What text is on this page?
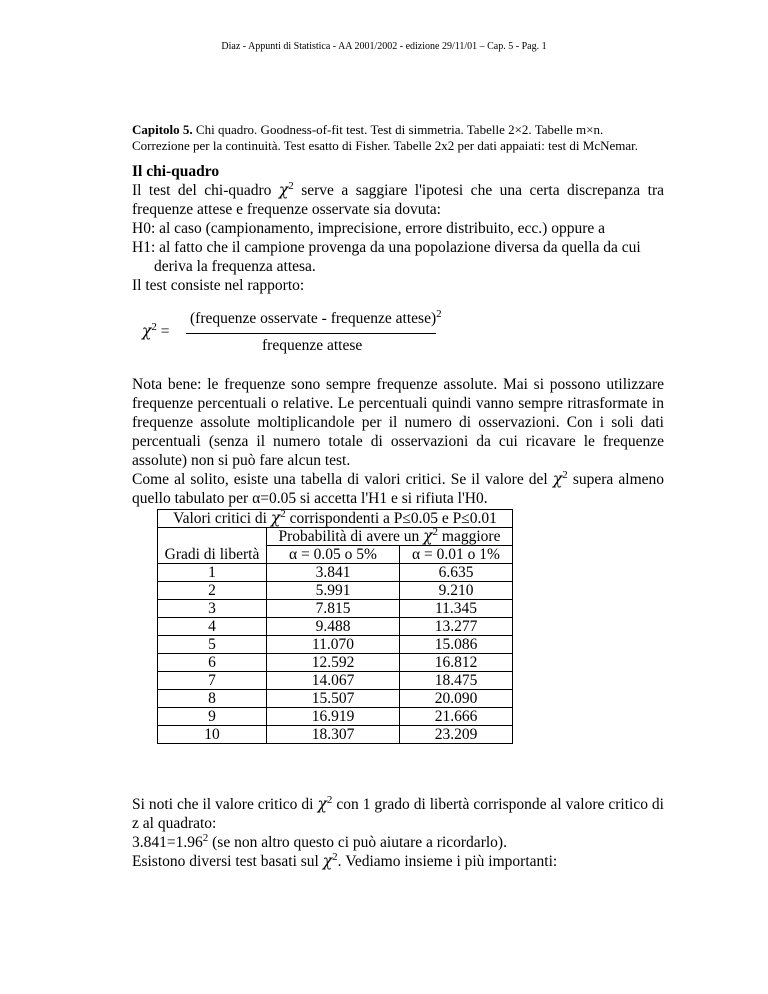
Diaz - Appunti di Statistica - AA 2001/2002 - edizione 29/11/01 – Cap. 5 - Pag. 1
Capitolo 5. Chi quadro. Goodness-of-fit test. Test di simmetria. Tabelle 2×2. Tabelle m×n. Correzione per la continuità. Test esatto di Fisher. Tabelle 2x2 per dati appaiati: test di McNemar.
Il chi-quadro

Il test del chi-quadro $\chi^2$ serve a saggiare l'ipotesi che una certa discrepanza tra frequenze attese e frequenze osservate sia dovuta:

H0: al caso (campionamento, imprecisione, errore distribuito, ecc.) oppure a

H1: al fatto che il campione provenga da una popolazione diversa da quella da cui
deriva la frequenza attesa.

Il test consiste nel rapporto:
$\chi^2$ =
(frequenze osservate - frequenze attese)$^2$
frequenze attese

Nota bene: le frequenze sono sempre frequenze assolute. Mai si possono utilizzare frequenze percentuali o relative. Le percentuali quindi vanno sempre ritrasformate in frequenze assolute moltiplicandole per il numero di osservazioni. Con i soli dati percentuali (senza il numero totale di osservazioni da cui ricavare le frequenze assolute) non si può fare alcun test.

Come al solito, esiste una tabella di valori critici. Se il valore del $\chi^2$ supera almeno quello tabulato per α=0.05 si accetta l'H1 e si rifiuta l'H0.

Valori critici di $\chi^2$ corrispondenti a P≤0.05 e P≤0.01		
	Probabilità di avere un $\chi^2$ maggiore	
Gradi di libertà	α = 0.05 o 5%	α = 0.01 o 1%
1	3.841	6.635
2	5.991	9.210
3	7.815	11.345
4	9.488	13.277
5	11.070	15.086
6	12.592	16.812
7	14.067	18.475
8	15.507	20.090
9	16.919	21.666
10	18.307	23.209

Si noti che il valore critico di $\chi^2$ con 1 grado di libertà corrisponde al valore critico di z al quadrato:

$3.841=1.96^2$ (se non altro questo ci può aiutare a ricordarlo).

Esistono diversi test basati sul $\chi^2$. Vediamo insieme i più importanti:
